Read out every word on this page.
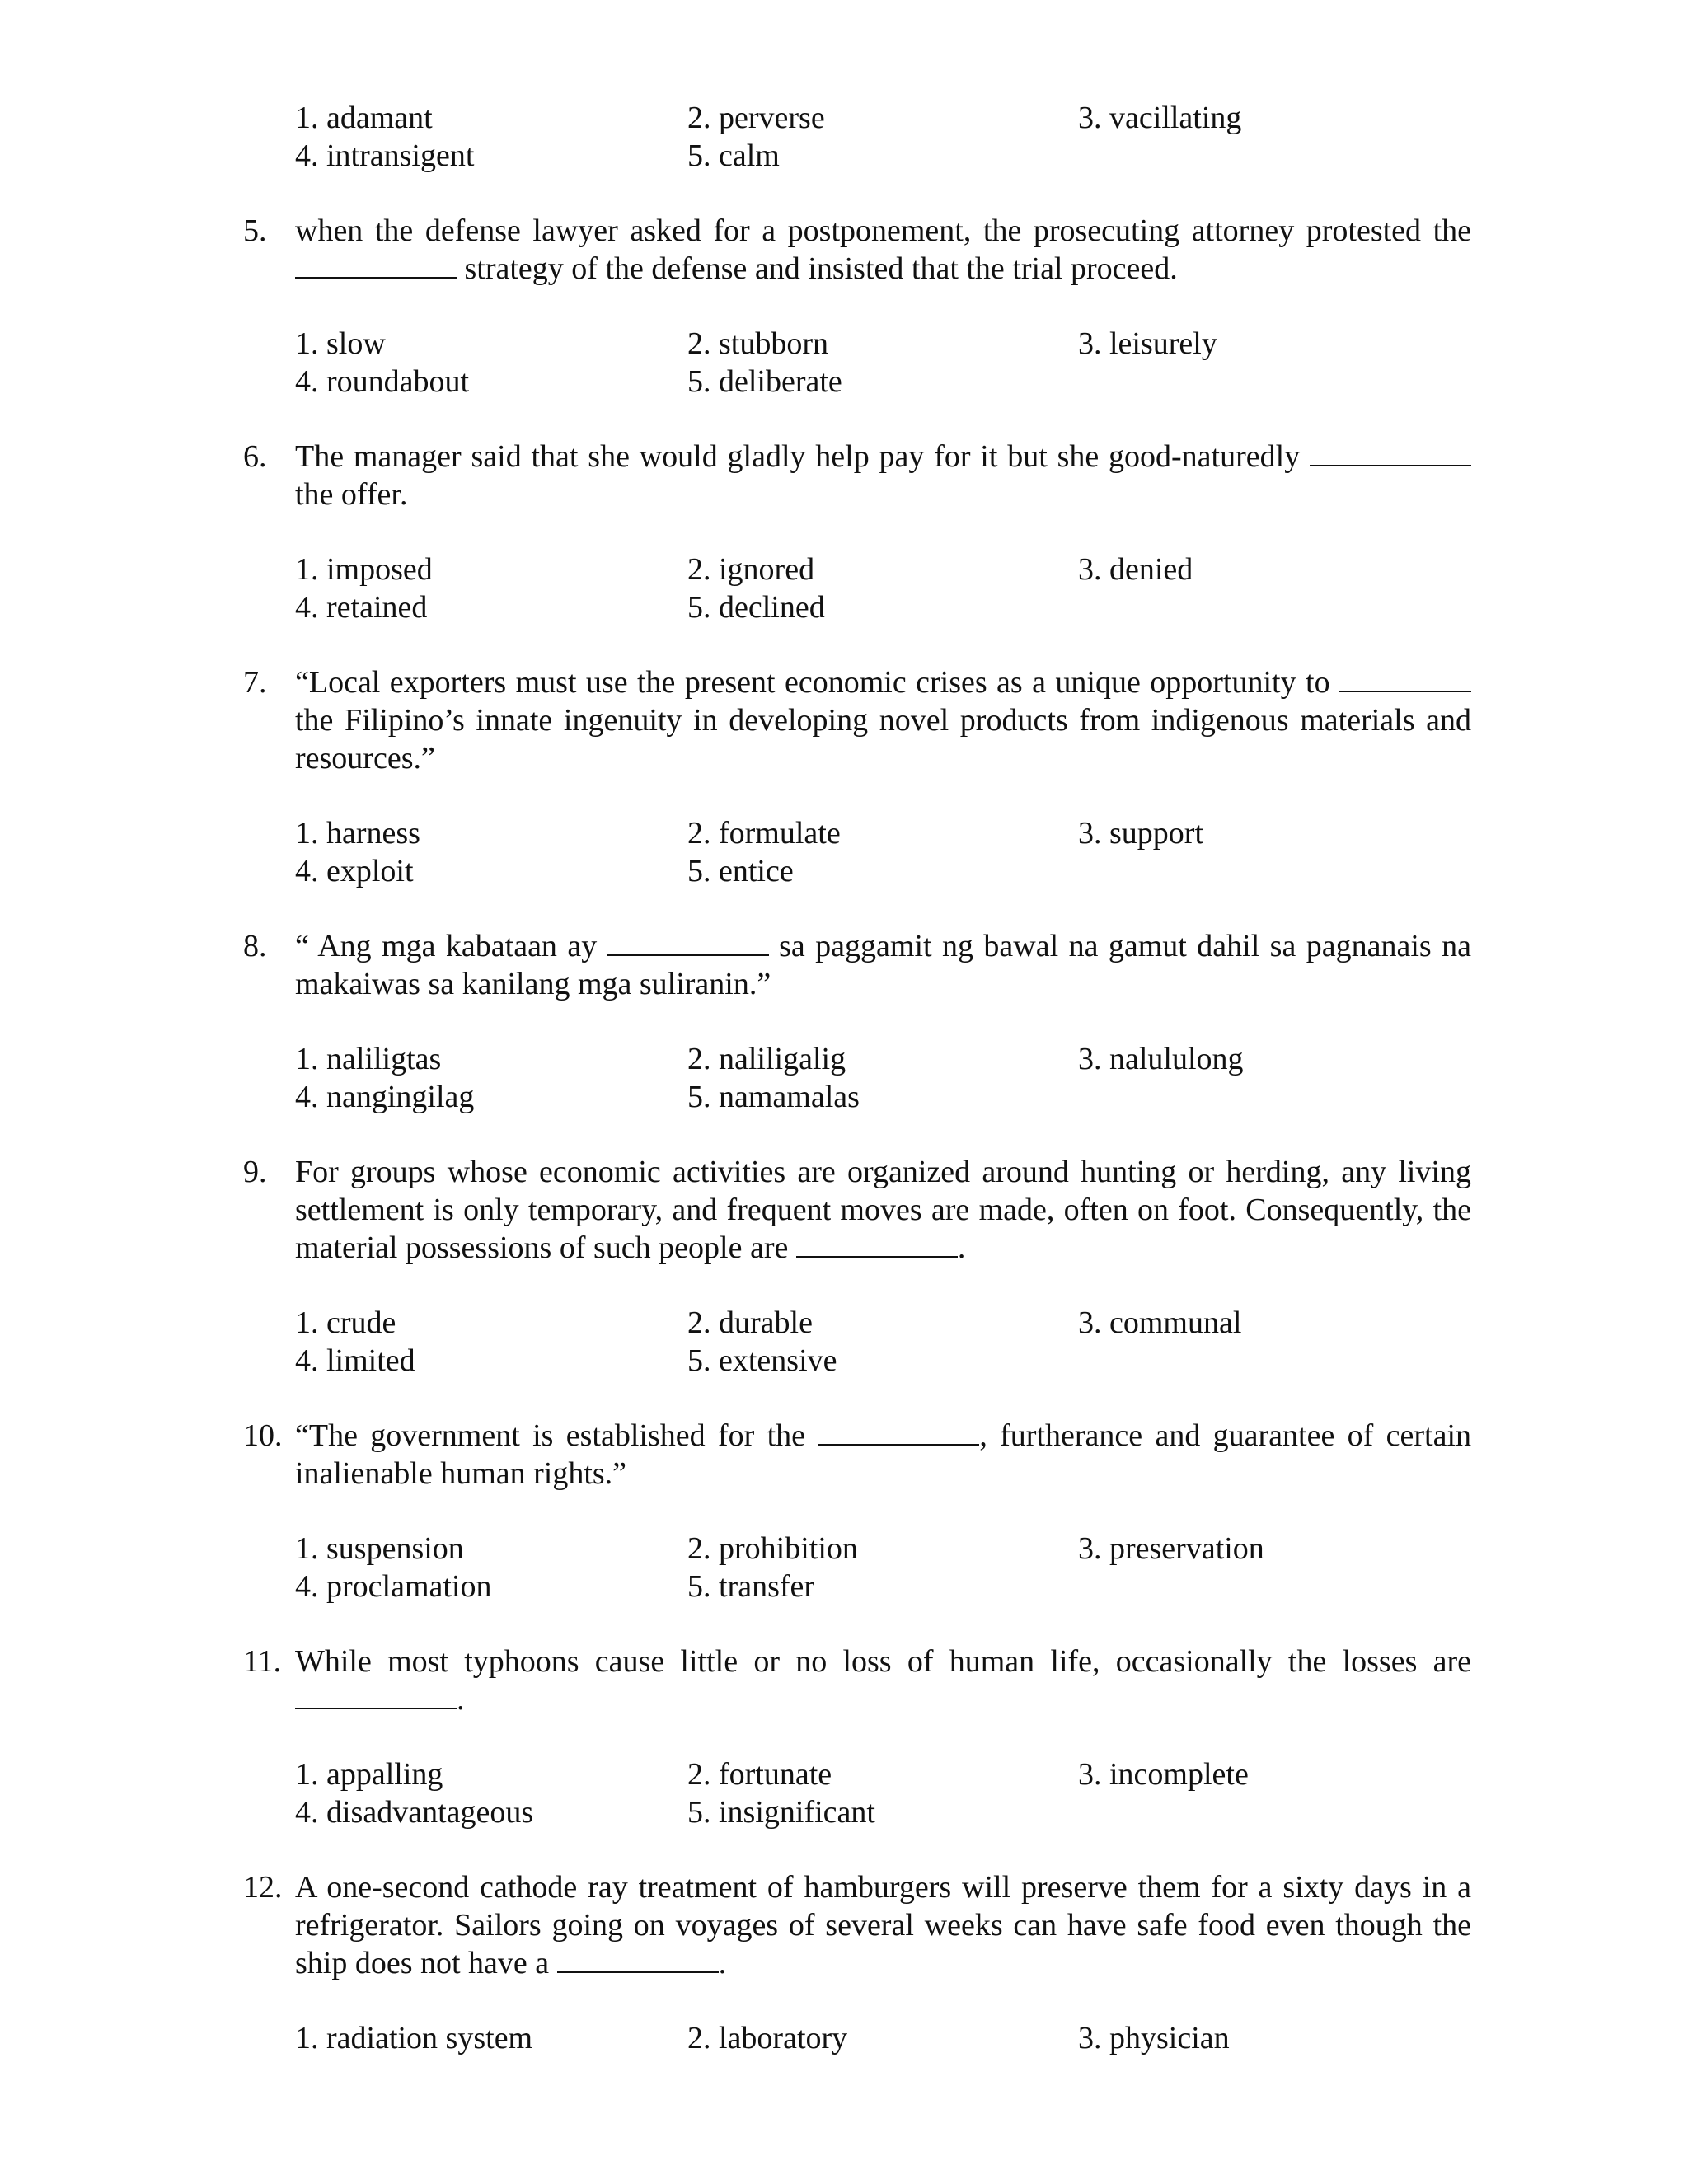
1. adamant	2. perverse	3. vacillating
4. intransigent	5. calm
5. when the defense lawyer asked for a postponement, the prosecuting attorney protested the  strategy of the defense and insisted that the trial proceed.
1. slow	2. stubborn	3. leisurely
4. roundabout	5. deliberate
6. The manager said that she would gladly help pay for it but she good-naturedly  the offer.
1. imposed	2. ignored	3. denied
4. retained	5. declined
7. “Local exporters must use the present economic crises as a unique opportunity to  the Filipino’s innate ingenuity in developing novel products from indigenous materials and resources.”
1. harness	2. formulate	3. support
4. exploit	5. entice
8. “ Ang mga kabataan ay	sa paggamit ng bawal na gamut dahil sa pagnanais na makaiwas sa kanilang mga suliranin.”
1. naliligtas	2. naliligalig	3. nalululong
4. nangingilag	5. namamalas
9. For groups whose economic activities are organized around hunting or herding, any living settlement is only temporary, and frequent moves are made, often on foot. Consequently, the material possessions of such people are	.
1. crude	2. durable	3. communal
4. limited	5. extensive
10. “The government is established for the	, furtherance and guarantee of certain inalienable human rights.”
1. suspension	2. prohibition	3. preservation
4. proclamation	5. transfer
11. While most typhoons cause little or no loss of human life, occasionally the losses are .
1. appalling	2. fortunate	3. incomplete
4. disadvantageous	5. insignificant
12. A one-second cathode ray treatment of hamburgers will preserve them for a sixty days in a refrigerator. Sailors going on voyages of several weeks can have safe food even though the ship does not have a	.
1. radiation system	2. laboratory	3. physician
